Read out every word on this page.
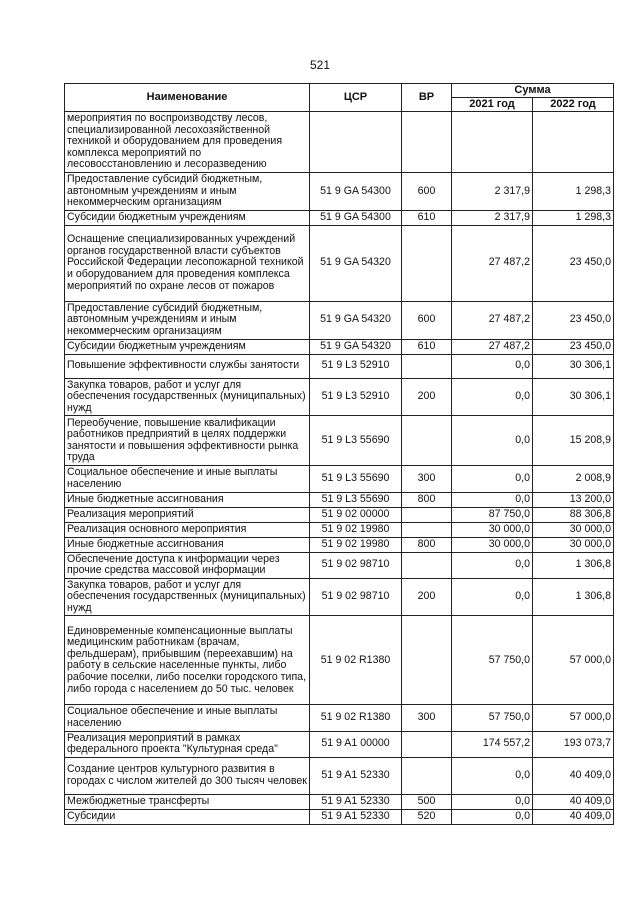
521
Наименование	ЦСР	ВР	Сумма	
			2021 год	2022 год
мероприятия по воспроизводству лесов, специализированной лесохозяйственной техникой и оборудованием для проведения комплекса мероприятий по лесовосстановлению и лесоразведению				
Предоставление субсидий бюджетным, автономным учреждениям и иным некоммерческим организациям	51 9 GA 54300	600	2 317,9	1 298,3
Субсидии бюджетным учреждениям	51 9 GA 54300	610	2 317,9	1 298,3
Оснащение специализированных учреждений органов государственной власти субъектов Российской Федерации лесопожарной техникой и оборудованием для проведения комплекса мероприятий по охране лесов от пожаров	51 9 GA 54320		27 487,2	23 450,0
Предоставление субсидий бюджетным, автономным учреждениям и иным некоммерческим организациям	51 9 GA 54320	600	27 487,2	23 450,0
Субсидии бюджетным учреждениям	51 9 GA 54320	610	27 487,2	23 450,0
Повышение эффективности службы занятости	51 9 L3 52910		0,0	30 306,1
Закупка товаров, работ и услуг для обеспечения государственных (муниципальных) нужд	51 9 L3 52910	200	0,0	30 306,1
Переобучение, повышение квалификации работников предприятий в целях поддержки занятости и повышения эффективности рынка труда	51 9 L3 55690		0,0	15 208,9
Социальное обеспечение и иные выплаты населению	51 9 L3 55690	300	0,0	2 008,9
Иные бюджетные ассигнования	51 9 L3 55690	800	0,0	13 200,0
Реализация мероприятий	51 9 02 00000		87 750,0	88 306,8
Реализация основного мероприятия	51 9 02 19980		30 000,0	30 000,0
Иные бюджетные ассигнования	51 9 02 19980	800	30 000,0	30 000,0
Обеспечение доступа к информации через прочие средства массовой информации	51 9 02 98710		0,0	1 306,8
Закупка товаров, работ и услуг для обеспечения государственных (муниципальных) нужд	51 9 02 98710	200	0,0	1 306,8
Единовременные компенсационные выплаты медицинским работникам (врачам, фельдшерам), прибывшим (переехавшим) на работу в сельские населенные пункты, либо рабочие поселки, либо поселки городского типа, либо города с населением до 50 тыс. человек	51 9 02 R1380		57 750,0	57 000,0
Социальное обеспечение и иные выплаты населению	51 9 02 R1380	300	57 750,0	57 000,0
Реализация мероприятий в рамках федерального проекта "Культурная среда"	51 9 A1 00000		174 557,2	193 073,7
Создание центров культурного развития в городах с числом жителей до 300 тысяч человек	51 9 A1 52330		0,0	40 409,0
Межбюджетные трансферты	51 9 A1 52330	500	0,0	40 409,0
Субсидии	51 9 A1 52330	520	0,0	40 409,0
